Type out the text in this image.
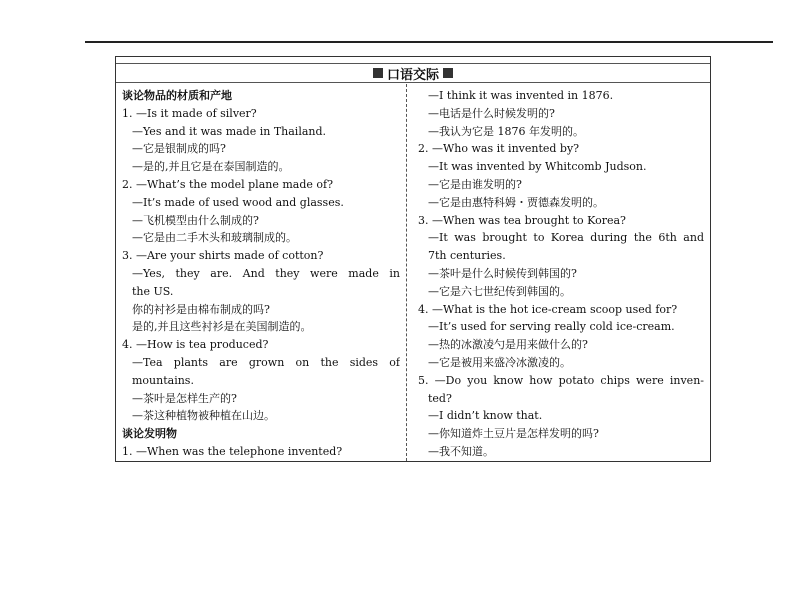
口语交际
谈论物品的材质和产地
1. —Is it made of silver?
—Yes and it was made in Thailand.
—它是银制成的吗?
—是的,并且它是在泰国制造的。
2. —What’s the model plane made of?
—It’s made of used wood and glasses.
—飞机模型由什么制成的?
—它是由二手木头和玻璃制成的。
3. —Are your shirts made of cotton?
—Yes, they are. And they were made in
the US.
你的衬衫是由棉布制成的吗?
是的,并且这些衬衫是在美国制造的。
4. —How is tea produced?
—Tea plants are grown on the sides of
mountains.
—茶叶是怎样生产的?
—茶这种植物被种植在山边。
谈论发明物
1. —When was the telephone invented?
—I think it was invented in 1876.
—电话是什么时候发明的?
—我认为它是 1876 年发明的。
2. —Who was it invented by?
—It was invented by Whitcomb Judson.
—它是由谁发明的?
—它是由惠特科姆・贾德森发明的。
3. —When was tea brought to Korea?
—It was brought to Korea during the 6th and
7th centuries.
—茶叶是什么时候传到韩国的?
—它是六七世纪传到韩国的。
4. —What is the hot ice-cream scoop used for?
—It’s used for serving really cold ice-cream.
—热的冰激凌勺是用来做什么的?
—它是被用来盛冷冰激凌的。
5. —Do you know how potato chips were inven-
ted?
—I didn’t know that.
—你知道炸土豆片是怎样发明的吗?
—我不知道。
